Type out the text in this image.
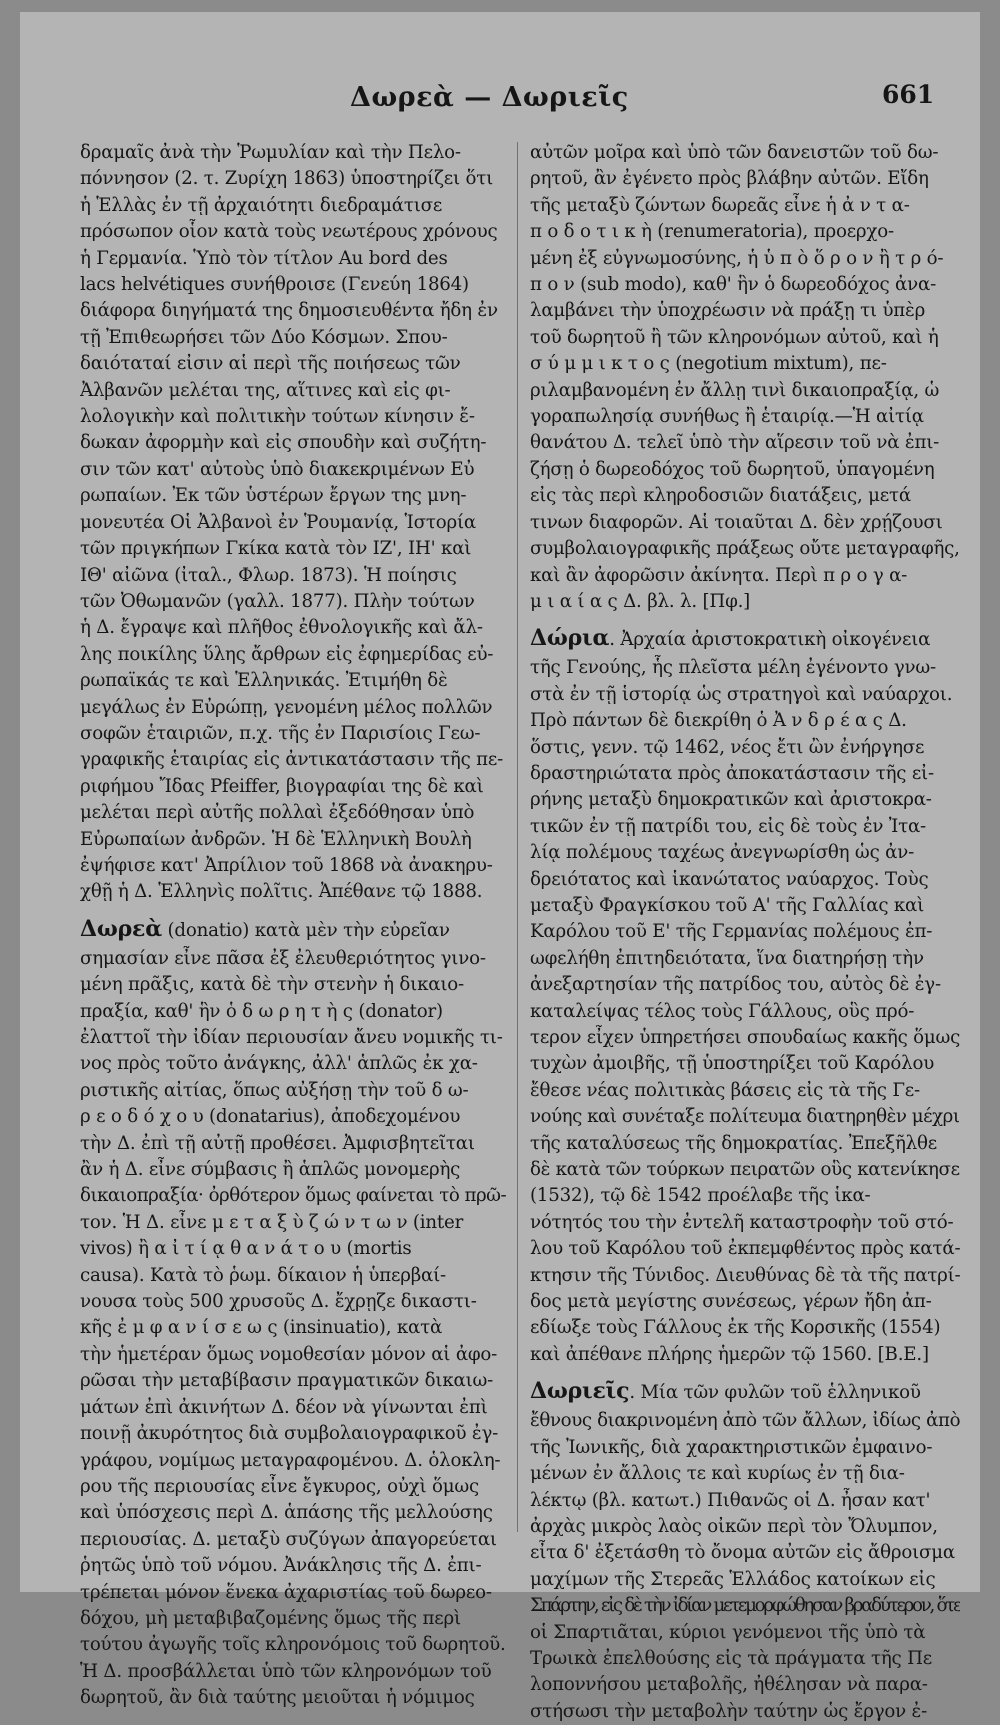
Δωρεὰ — Δωριεῖς	661
δραμαῖς ἀνὰ τὴν Ῥωμυλίαν καὶ τὴν Πελο-
πόννησον (2. τ. Ζυρίχη 1863) ὑποστηρίζει ὅτι
ἡ Ἑλλὰς ἐν τῇ ἀρχαιότητι διεδραμάτισε
πρόσωπον οἷον κατὰ τοὺς νεωτέρους χρόνους
ἡ Γερμανία. Ὑπὸ τὸν τίτλον Au bord des
lacs helvétiques συνήθροισε (Γενεύη 1864)
διάφορα διηγήματά της δημοσιευθέντα ἤδη ἐν
τῇ Ἐπιθεωρήσει τῶν Δύο Κόσμων. Σπου-
δαιόταταί εἰσιν αἱ περὶ τῆς ποιήσεως τῶν
Ἀλβανῶν μελέται της, αἵτινες καὶ εἰς φι-
λολογικὴν καὶ πολιτικὴν τούτων κίνησιν ἔ-
δωκαν ἀφορμὴν καὶ εἰς σπουδὴν καὶ συζήτη-
σιν τῶν κατ' αὐτοὺς ὑπὸ διακεκριμένων Εὐ
ρωπαίων. Ἐκ τῶν ὑστέρων ἔργων της μνη-
μονευτέα Οἱ Ἀλβανοὶ ἐν Ῥουμανίᾳ, Ἱστορία
τῶν πριγκήπων Γκίκα κατὰ τὸν ΙΖ', ΙΗ' καὶ
ΙΘ' αἰῶνα (ἰταλ., Φλωρ. 1873). Ἡ ποίησις
τῶν Ὀθωμανῶν (γαλλ. 1877). Πλὴν τούτων
ἡ Δ. ἔγραψε καὶ πλῆθος ἐθνολογικῆς καὶ ἄλ-
λης ποικίλης ὕλης ἄρθρων εἰς ἐφημερίδας εὐ-
ρωπαϊκάς τε καὶ Ἑλληνικάς. Ἐτιμήθη δὲ
μεγάλως ἐν Εὐρώπῃ, γενομένη μέλος πολλῶν
σοφῶν ἑταιριῶν, π.χ. τῆς ἐν Παρισίοις Γεω-
γραφικῆς ἑταιρίας εἰς ἀντικατάστασιν τῆς πε-
ριφήμου Ἴδας Pfeiffer, βιογραφίαι της δὲ καὶ
μελέται περὶ αὐτῆς πολλαὶ ἐξεδόθησαν ὑπὸ
Εὐρωπαίων ἀνδρῶν. Ἡ δὲ Ἑλληνικὴ Βουλὴ
ἐψήφισε κατ' Ἀπρίλιον τοῦ 1868 νὰ ἀνακηρυ-
χθῇ ἡ Δ. Ἑλληνὶς πολῖτις. Ἀπέθανε τῷ 1888.
Δωρεὰ (donatio) κατὰ μὲν τὴν εὐρεῖαν
σημασίαν εἶνε πᾶσα ἐξ ἐλευθεριότητος γινο-
μένη πρᾶξις, κατὰ δὲ τὴν στενὴν ἡ δικαιο-
πραξία, καθ' ἣν ὁ δ ω ρ η τ ὴ ς (donator)
ἐλαττοῖ τὴν ἰδίαν περιουσίαν ἄνευ νομικῆς τι-
νος πρὸς τοῦτο ἀνάγκης, ἀλλ' ἁπλῶς ἐκ χα-
ριστικῆς αἰτίας, ὅπως αὐξήσῃ τὴν τοῦ δ ω-
ρ ε ο δ ό χ ο υ (donatarius), ἀποδεχομένου
τὴν Δ. ἐπὶ τῇ αὐτῇ προθέσει. Ἀμφισβητεῖται
ἂν ἡ Δ. εἶνε σύμβασις ἢ ἁπλῶς μονομερὴς
δικαιοπραξία· ὀρθότερον ὅμως φαίνεται τὸ πρῶ-
τον. Ἡ Δ. εἶνε μ ε τ α ξ ὺ ζ ώ ν τ ω ν (inter
vivos) ἢ α ἰ τ ί ᾳ θ α ν ά τ ο υ (mortis
causa). Κατὰ τὸ ῥωμ. δίκαιον ἡ ὑπερβαί-
νουσα τοὺς 500 χρυσοῦς Δ. ἔχρῃζε δικαστι-
κῆς ἐ μ φ α ν ί σ ε ω ς (insinuatio), κατὰ
τὴν ἡμετέραν ὅμως νομοθεσίαν μόνον αἱ ἀφο-
ρῶσαι τὴν μεταβίβασιν πραγματικῶν δικαιω-
μάτων ἐπὶ ἀκινήτων Δ. δέον νὰ γίνωνται ἐπὶ
ποινῇ ἀκυρότητος διὰ συμβολαιογραφικοῦ ἐγ-
γράφου, νομίμως μεταγραφομένου. Δ. ὁλοκλη-
ρου τῆς περιουσίας εἶνε ἔγκυρος, οὐχὶ ὅμως
καὶ ὑπόσχεσις περὶ Δ. ἁπάσης τῆς μελλούσης
περιουσίας. Δ. μεταξὺ συζύγων ἀπαγορεύεται
ῥητῶς ὑπὸ τοῦ νόμου. Ἀνάκλησις τῆς Δ. ἐπι-
τρέπεται μόνον ἕνεκα ἀχαριστίας τοῦ δωρεο-
δόχου, μὴ μεταβιβαζομένης ὅμως τῆς περὶ
τούτου ἀγωγῆς τοῖς κληρονόμοις τοῦ δωρητοῦ.
Ἡ Δ. προσβάλλεται ὑπὸ τῶν κληρονόμων τοῦ
δωρητοῦ, ἂν διὰ ταύτης μειοῦται ἡ νόμιμος
αὐτῶν μοῖρα καὶ ὑπὸ τῶν δανειστῶν τοῦ δω-
ρητοῦ, ἂν ἐγένετο πρὸς βλάβην αὐτῶν. Εἴδη
τῆς μεταξὺ ζώντων δωρεᾶς εἶνε ἡ ἀ ν τ α-
π ο δ ο τ ι κ ὴ (renumeratoria), προερχο-
μένη ἐξ εὐγνωμοσύνης, ἡ ὑ π ὸ ὅ ρ ο ν ἢ τ ρ ό-
π ο ν (sub modo), καθ' ἣν ὁ δωρεοδόχος ἀνα-
λαμβάνει τὴν ὑποχρέωσιν νὰ πράξῃ τι ὑπὲρ
τοῦ δωρητοῦ ἢ τῶν κληρονόμων αὐτοῦ, καὶ ἡ
σ ύ μ μ ι κ τ ο ς (negotium mixtum), πε-
ριλαμβανομένη ἐν ἄλλῃ τινὶ δικαιοπραξίᾳ, ὡ
γοραπωλησίᾳ συνήθως ἢ ἑταιρίᾳ.—Ἡ αἰτίᾳ
θανάτου Δ. τελεῖ ὑπὸ τὴν αἵρεσιν τοῦ νὰ ἐπι-
ζήσῃ ὁ δωρεοδόχος τοῦ δωρητοῦ, ὑπαγομένη
εἰς τὰς περὶ κληροδοσιῶν διατάξεις, μετά
τινων διαφορῶν. Αἱ τοιαῦται Δ. δὲν χρῄζουσι
συμβολαιογραφικῆς πράξεως οὔτε μεταγραφῆς,
καὶ ἂν ἀφορῶσιν ἀκίνητα. Περὶ π ρ ο γ α-
μ ι α ί α ς Δ. βλ. λ. [Πφ.]
Δώρια. Ἀρχαία ἀριστοκρατικὴ οἰκογένεια
τῆς Γενούης, ἧς πλεῖστα μέλη ἐγένοντο γνω-
στὰ ἐν τῇ ἱστορίᾳ ὡς στρατηγοὶ καὶ ναύαρχοι.
Πρὸ πάντων δὲ διεκρίθη ὁ Ἀ ν δ ρ έ α ς Δ.
ὅστις, γενν. τῷ 1462, νέος ἔτι ὢν ἐνήργησε
δραστηριώτατα πρὸς ἀποκατάστασιν τῆς εἰ-
ρήνης μεταξὺ δημοκρατικῶν καὶ ἀριστοκρα-
τικῶν ἐν τῇ πατρίδι του, εἰς δὲ τοὺς ἐν Ἰτα-
λίᾳ πολέμους ταχέως ἀνεγνωρίσθη ὡς ἀν-
δρειότατος καὶ ἱκανώτατος ναύαρχος. Τοὺς
μεταξὺ Φραγκίσκου τοῦ Α' τῆς Γαλλίας καὶ
Καρόλου τοῦ Ε' τῆς Γερμανίας πολέμους ἐπ-
ωφελήθη ἐπιτηδειότατα, ἵνα διατηρήσῃ τὴν
ἀνεξαρτησίαν τῆς πατρίδος του, αὐτὸς δὲ ἐγ-
καταλείψας τέλος τοὺς Γάλλους, οὓς πρό-
τερον εἶχεν ὑπηρετήσει σπουδαίως κακῆς ὅμως
τυχὼν ἀμοιβῆς, τῇ ὑποστηρίξει τοῦ Καρόλου
ἔθεσε νέας πολιτικὰς βάσεις εἰς τὰ τῆς Γε-
νούης καὶ συνέταξε πολίτευμα διατηρηθὲν μέχρι
τῆς καταλύσεως τῆς δημοκρατίας. Ἐπεξῆλθε
δὲ κατὰ τῶν τούρκων πειρατῶν οὓς κατενίκησε
(1532), τῷ δὲ 1542 προέλαβε τῆς ἱκα-
νότητός του τὴν ἐντελῆ καταστροφὴν τοῦ στό-
λου τοῦ Καρόλου τοῦ ἐκπεμφθέντος πρὸς κατά-
κτησιν τῆς Τύνιδος. Διευθύνας δὲ τὰ τῆς πατρί-
δος μετὰ μεγίστης συνέσεως, γέρων ἤδη ἀπ-
εδίωξε τοὺς Γάλλους ἐκ τῆς Κορσικῆς (1554)
καὶ ἀπέθανε πλήρης ἡμερῶν τῷ 1560. [B.E.]
Δωριεῖς. Μία τῶν φυλῶν τοῦ ἑλληνικοῦ
ἔθνους διακρινομένη ἀπὸ τῶν ἄλλων, ἰδίως ἀπὸ
τῆς Ἰωνικῆς, διὰ χαρακτηριστικῶν ἐμφαινο-
μένων ἐν ἄλλοις τε καὶ κυρίως ἐν τῇ δια-
λέκτῳ (βλ. κατωτ.) Πιθανῶς οἱ Δ. ἦσαν κατ'
ἀρχὰς μικρὸς λαὸς οἰκῶν περὶ τὸν Ὄλυμπον,
εἶτα δ' ἐξετάσθη τὸ ὄνομα αὐτῶν εἰς ἄθροισμα
μαχίμων τῆς Στερεᾶς Ἑλλάδος κατοίκων εἰς
Σπάρτην, εἰς δὲ τὴν ἰδίαν μετεμορφώθησαν βραδύτερον, ὅτε
οἱ Σπαρτιᾶται, κύριοι γενόμενοι τῆς ὑπὸ τὰ
Τρωικὰ ἐπελθούσης εἰς τὰ πράγματα τῆς Πε
λοποννήσου μεταβολῆς, ἠθέλησαν νὰ παρα-
στήσωσι τὴν μεταβολὴν ταύτην ὡς ἔργον ἐ-
